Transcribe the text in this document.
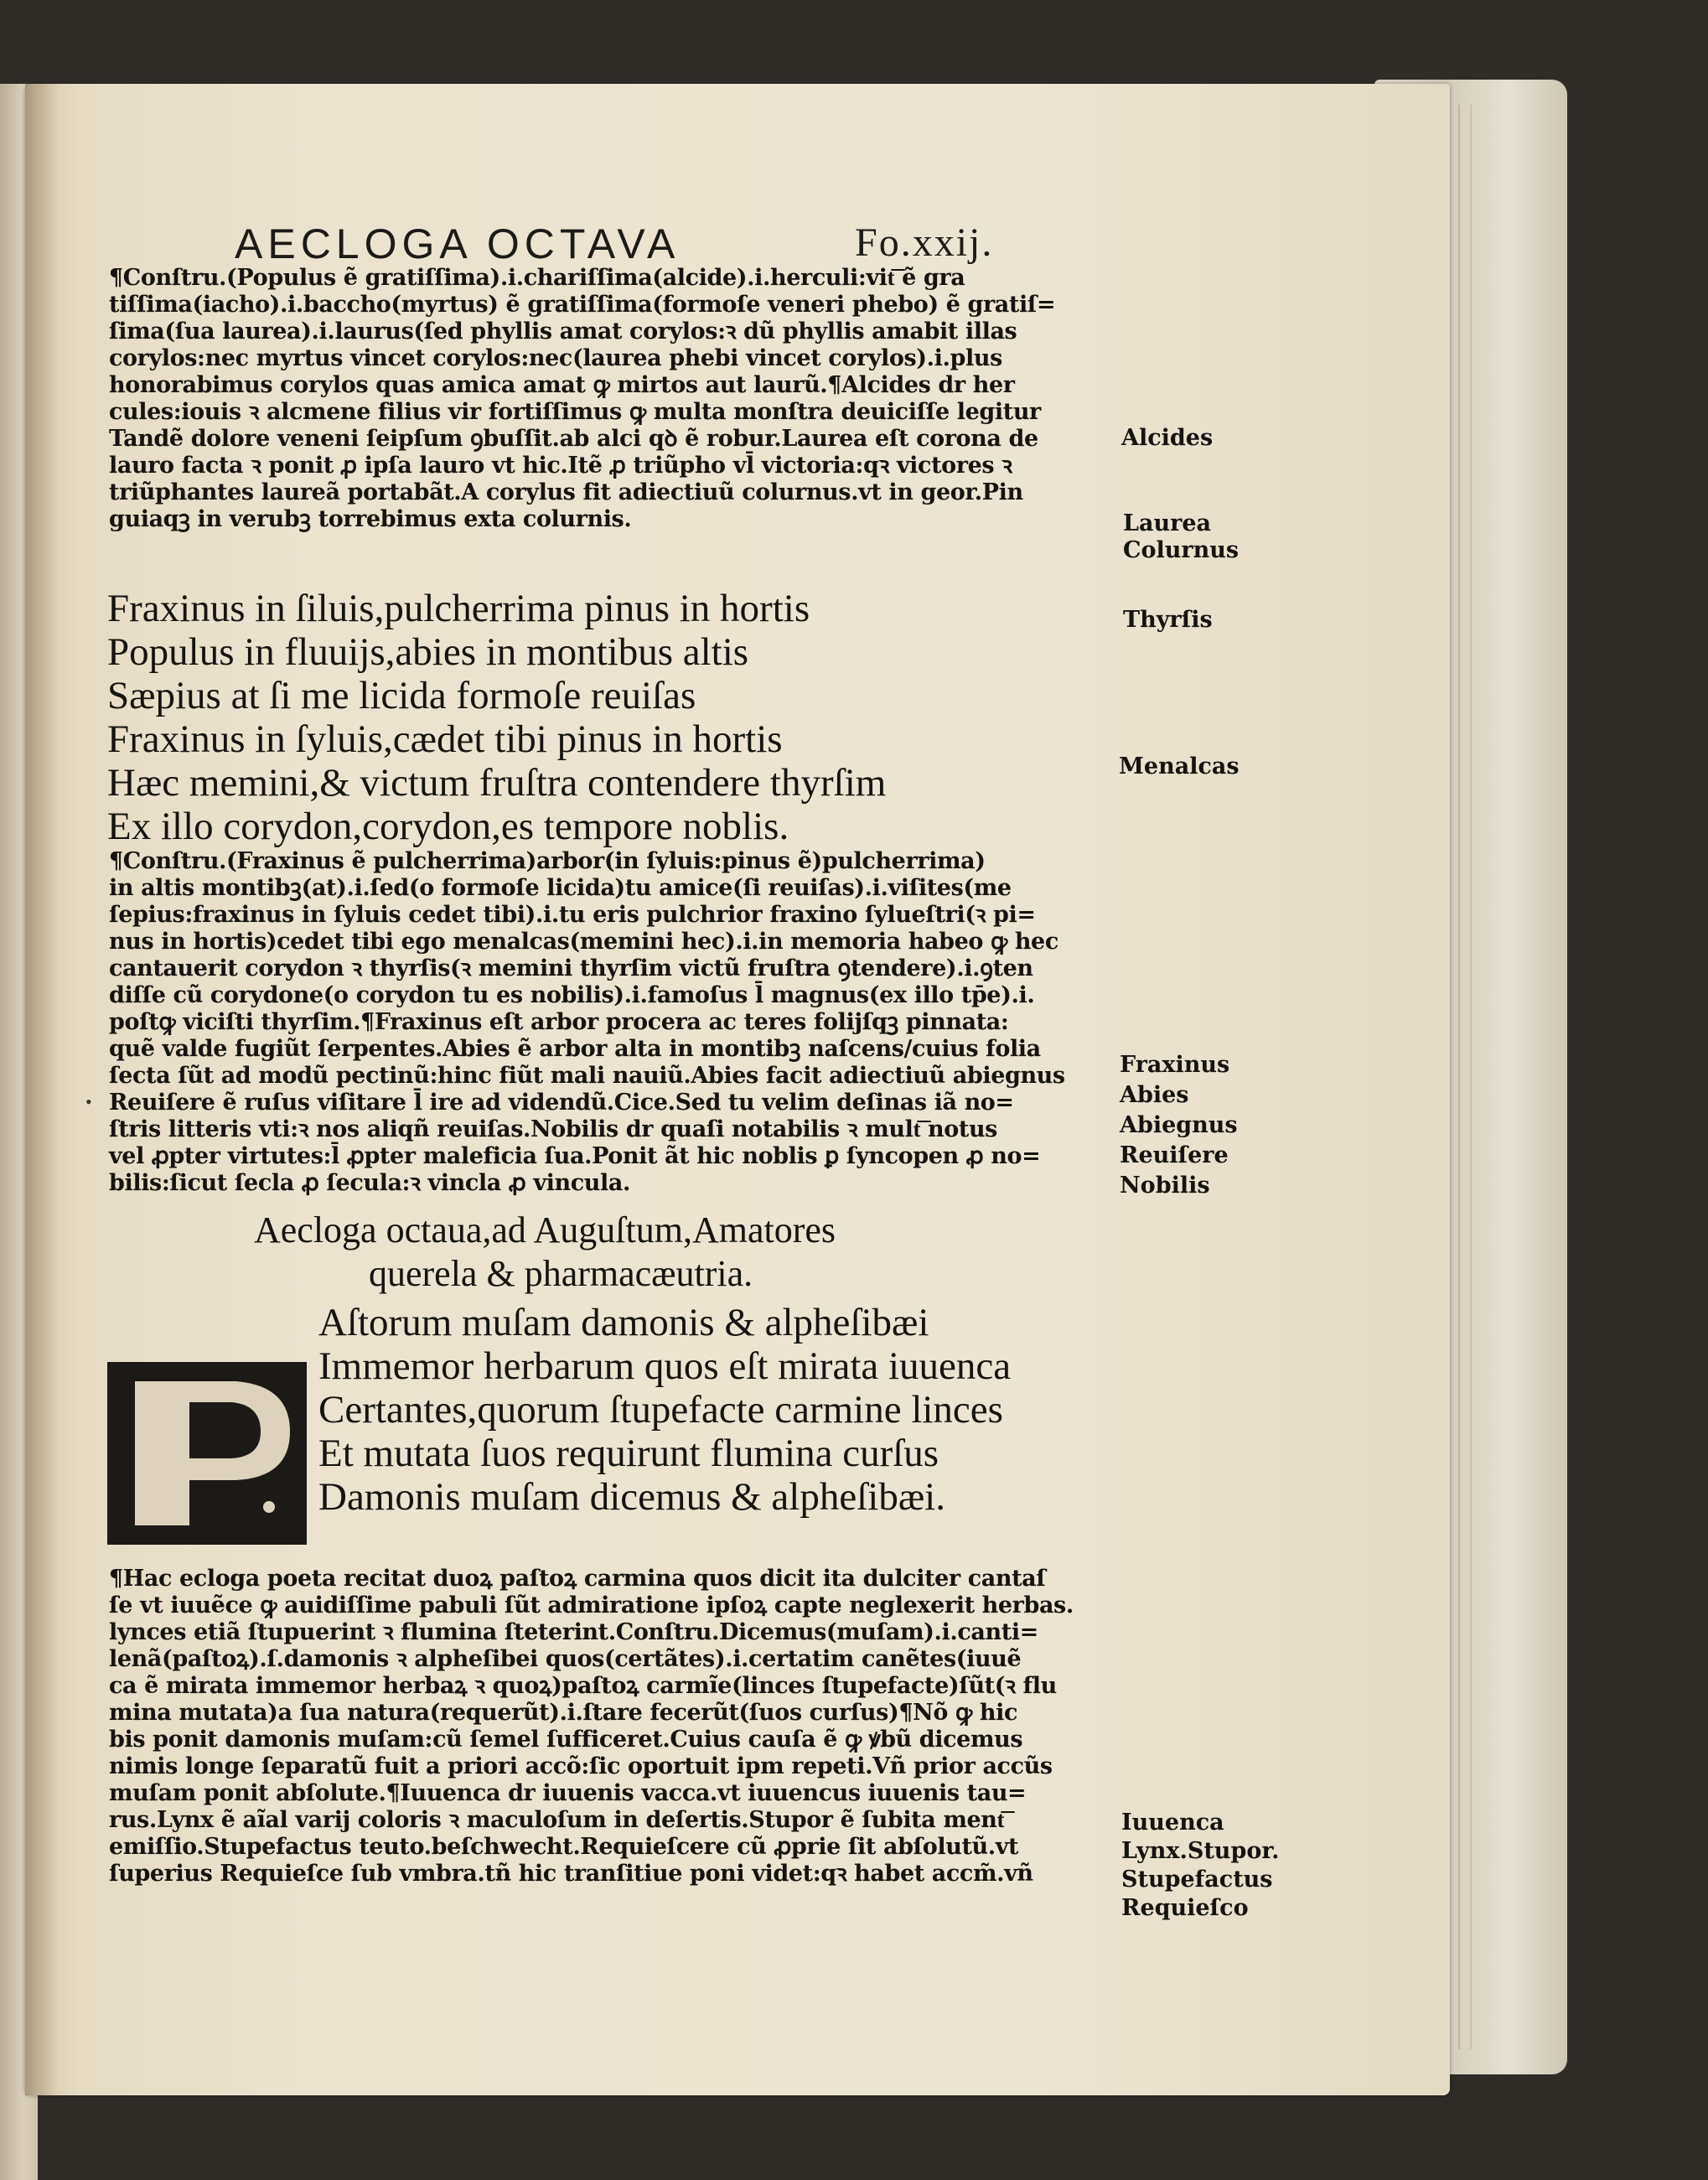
AECLOGA OCTAVA	Fo.xxij.
¶Conſtru.(Populus ẽ gratiſſima).i.chariſſima(alcide).i.herculi:vit͞ ẽ gra
tiſſima(iacho).i.baccho(myrtus) ẽ gratiſſima(formoſe veneri phebo) ẽ gratiſ=
ſima(ſua laurea).i.laurus(ſed phyllis amat corylos:ꝛ dũ phyllis amabit illas
corylos:nec myrtus vincet corylos:nec(laurea phebi vincet corylos).i.plus
honorabimus corylos quas amica amat ꝙ mirtos aut laurũ.¶Alcides dr her
cules:iouis ꝛ alcmene filius vir fortiſſimus ꝙ multa monſtra deuiciſſe legitur
Tandẽ dolore veneni ſeipſum ꝯbuſſit.ab alci qꝺ ẽ robur.Laurea eſt corona de
lauro facta ꝛ ponit ꝓ ipſa lauro vt hic.Itẽ ꝓ triũpho vl̄ victoria:qꝛ victores ꝛ
triũphantes laureã portabãt.A corylus fit adiectiuũ colurnus.vt in geor.Pin
guiaqꝫ in verubꝫ torrebimus exta colurnis.
Fraxinus in ſiluis,pulcherrima pinus in hortis
Populus in fluuijs,abies in montibus altis
Sæpius at ſi me licida formoſe reuiſas
Fraxinus in ſyluis,cædet tibi pinus in hortis
Hæc memini,& victum fruſtra contendere thyrſim
Ex illo corydon,corydon,es tempore noblis.
¶Conſtru.(Fraxinus ẽ pulcherrima)arbor(in ſyluis:pinus ẽ)pulcherrima)
in altis montibꝫ(at).i.ſed(o formoſe licida)tu amice(ſi reuiſas).i.viſites(me
ſepius:fraxinus in ſyluis cedet tibi).i.tu eris pulchrior fraxino ſylueſtri(ꝛ pi=
nus in hortis)cedet tibi ego menalcas(memini hec).i.in memoria habeo ꝙ hec
cantauerit corydon ꝛ thyrſis(ꝛ memini thyrſim victũ fruſtra ꝯtendere).i.ꝯten
diſſe cũ corydone(o corydon tu es nobilis).i.famoſus l̄ magnus(ex illo tp̄e).i.
poſtꝙ viciſti thyrſim.¶Fraxinus eſt arbor procera ac teres folijſqꝫ pinnata:
quẽ valde fugiũt ſerpentes.Abies ẽ arbor alta in montibꝫ naſcens/cuius folia
ſecta ſũt ad modũ pectinũ:hinc fiũt mali nauiũ.Abies facit adiectiuũ abiegnus
Reuiſere ẽ ruſus viſitare l̄ ire ad videndũ.Cice.Sed tu velim deſinas iã no=
ſtris litteris vti:ꝛ nos aliqñ reuiſas.Nobilis dr quaſi notabilis ꝛ mult͞ notus
vel ꝓpter virtutes:l̄ ꝓpter maleficia ſua.Ponit ãt hic noblis ꝑ ſyncopen ꝓ no=
bilis:ſicut ſecla ꝓ ſecula:ꝛ vincla ꝓ vincula.
•
Aecloga octaua,ad Auguſtum,Amatores
querela & pharmacæutria.
Aſtorum muſam damonis & alpheſibæi
Immemor herbarum quos eſt mirata iuuenca
Certantes,quorum ſtupefacte carmine linces
Et mutata ſuos requirunt flumina curſus
Damonis muſam dicemus & alpheſibæi.
¶Hac ecloga poeta recitat duoꝝ paſtoꝝ carmina quos dicit ita dulciter cantaſ
ſe vt iuuẽce ꝙ auidiſſime pabuli ſũt admiratione ipſoꝝ capte neglexerit herbas.
lynces etiã ſtupuerint ꝛ flumina ſteterint.Conſtru.Dicemus(muſam).i.canti=
lenã(paſtoꝝ).ſ.damonis ꝛ alpheſibei quos(certãtes).i.certatim canẽtes(iuuẽ
ca ẽ mirata immemor herbaꝝ ꝛ quoꝝ)paſtoꝝ carmĩe(linces ſtupefacte)ſũt(ꝛ flu
mina mutata)a ſua natura(requerũt).i.ſtare fecerũt(ſuos curſus)¶Nõ ꝙ hic
bis ponit damonis muſam:cũ ſemel ſufficeret.Cuius cauſa ẽ ꝙ ꝟbũ dicemus
nimis longe ſeparatũ fuit a priori accõ:ſic oportuit ipm repeti.Vñ prior accũs
muſam ponit abſolute.¶Iuuenca dr iuuenis vacca.vt iuuencus iuuenis tau=
rus.Lynx ẽ aĩal varij coloris ꝛ maculoſum in deſertis.Stupor ẽ ſubita ment͞
emiſſio.Stupefactus teuto.beſchwecht.Requieſcere cũ ꝓprie ſit abſolutũ.vt
ſuperius Requieſce ſub vmbra.tñ hic tranſitiue poni videt:qꝛ habet accm̃.vñ
Alcides
Laurea
Colurnus
Thyrſis
Menalcas
Fraxinus
Abies
Abiegnus
Reuiſere
Nobilis
Iuuenca
Lynx.Stupor.
Stupefactus
Requieſco
